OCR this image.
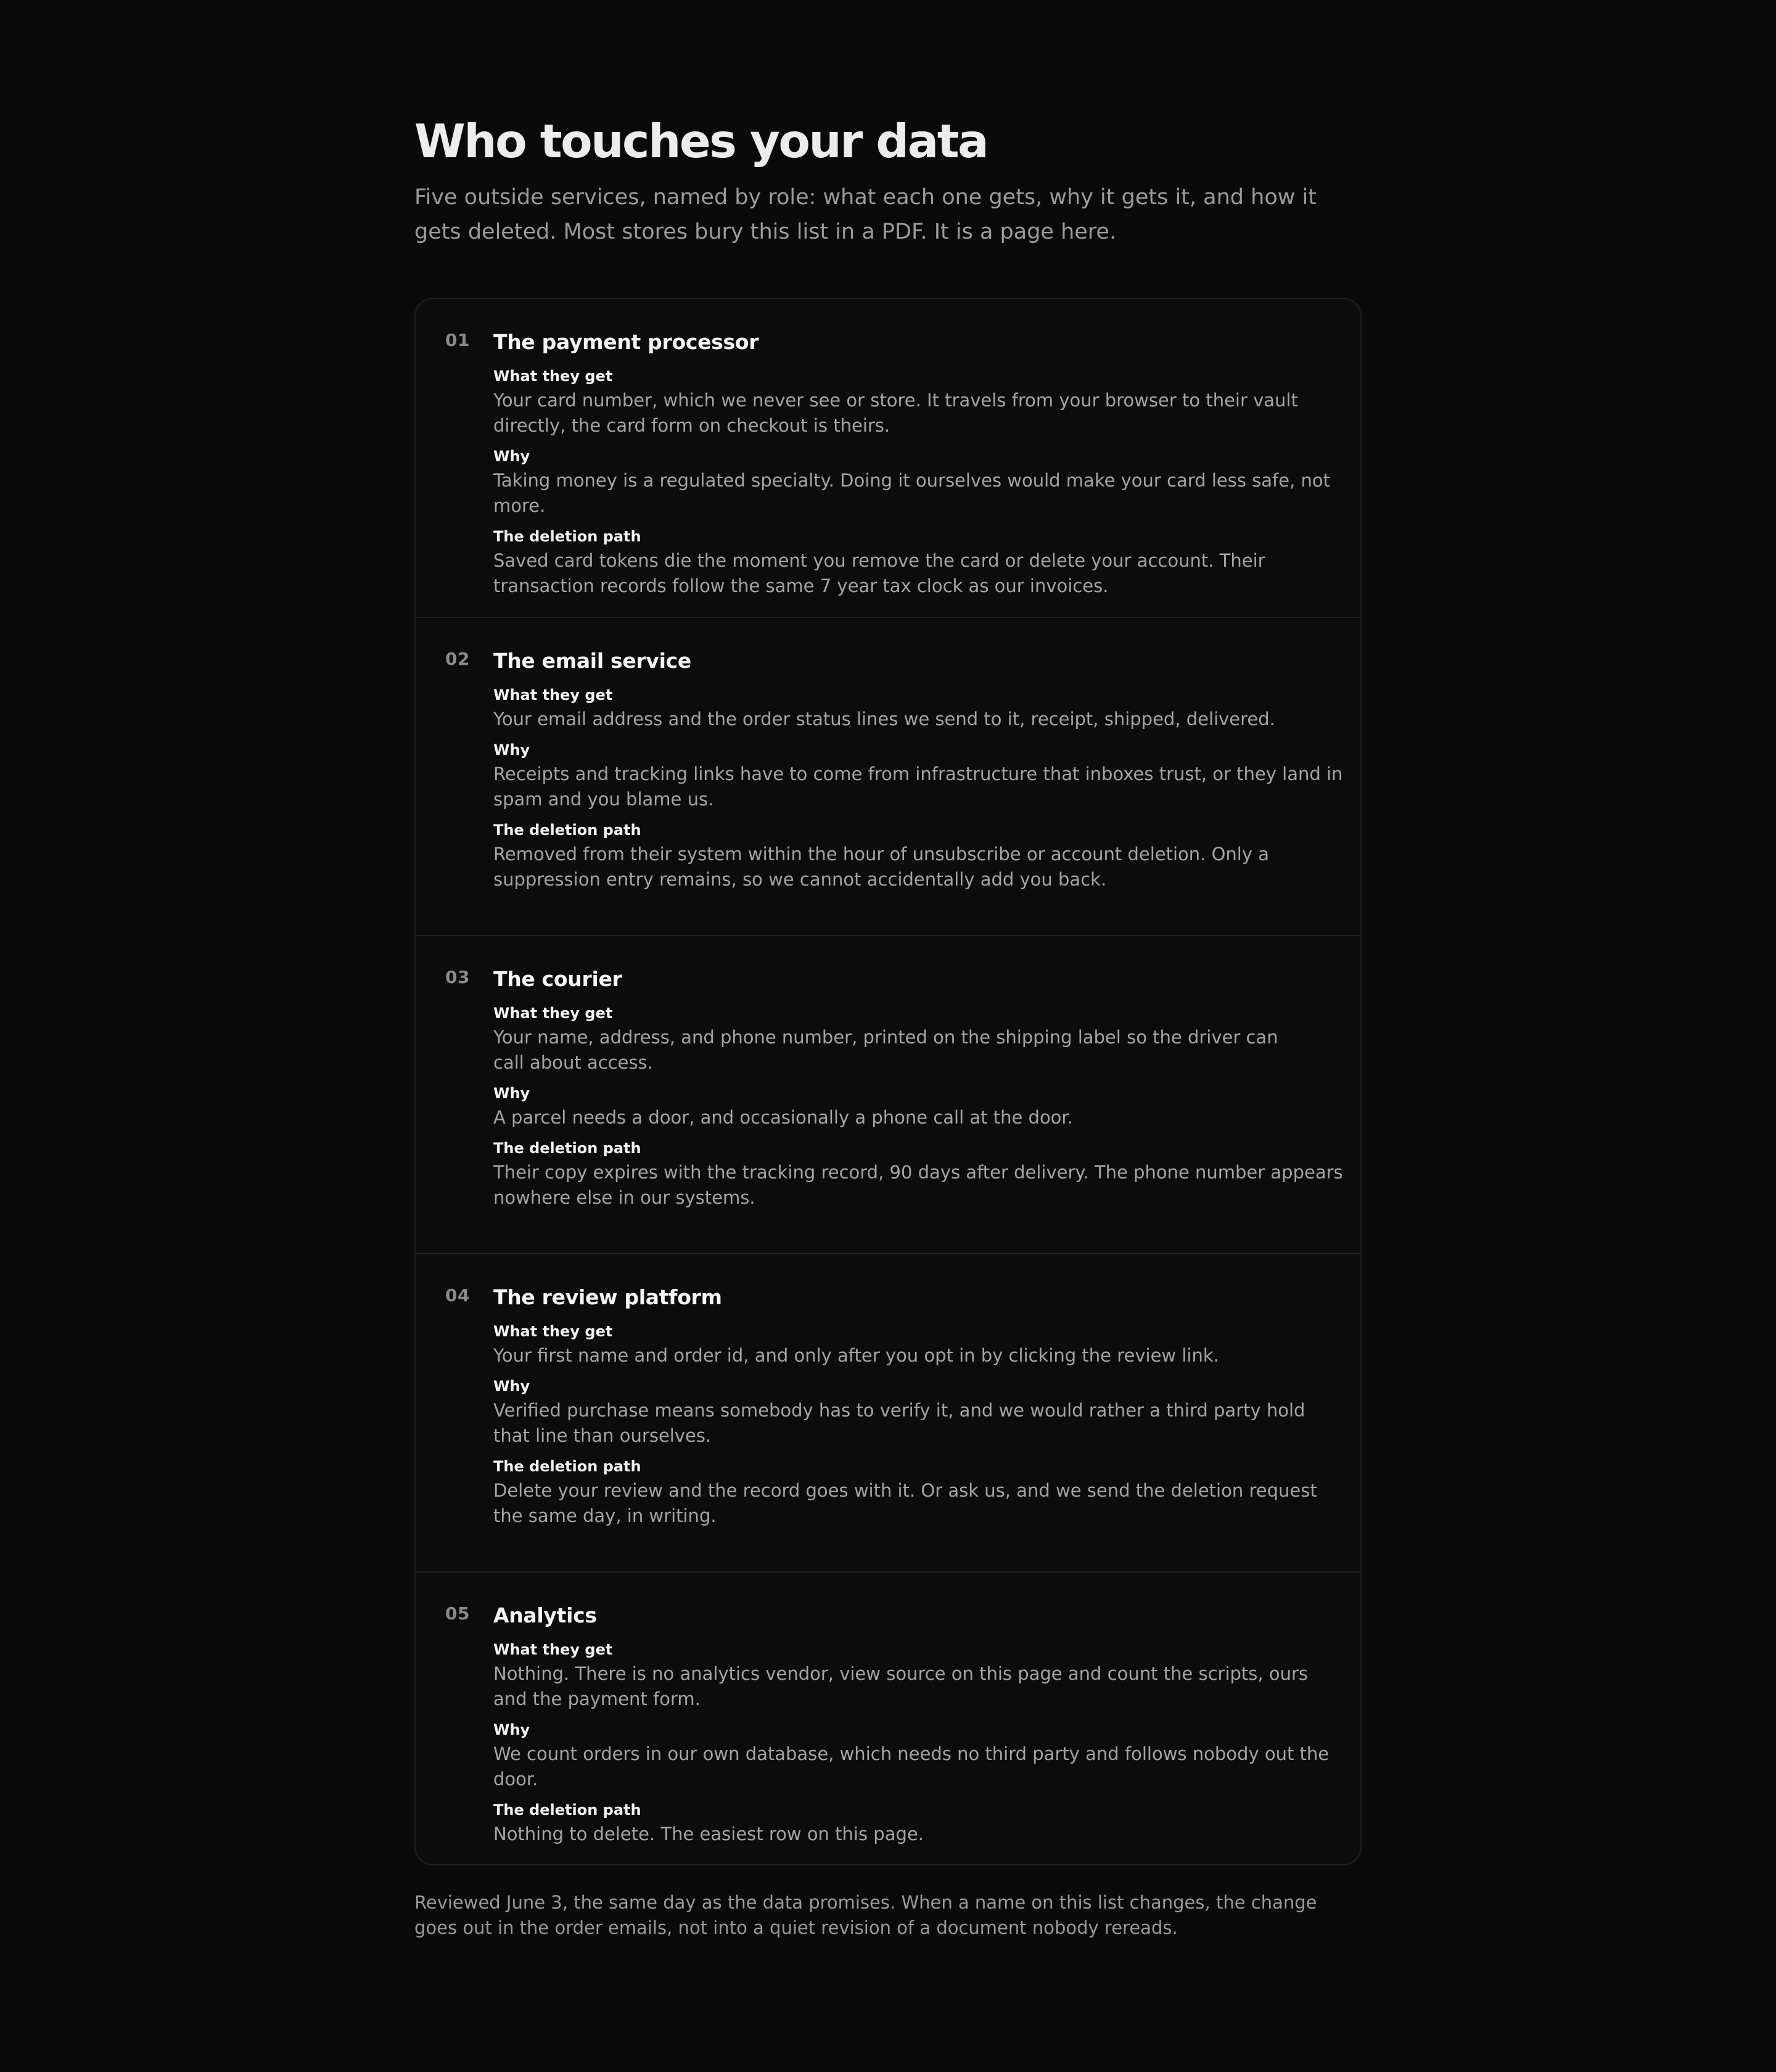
Who touches your data

Five outside services, named by role: what each one gets, why it gets it, and how it gets deleted. Most stores bury this list in a PDF. It is a page here.

01 The payment processor
What they get
Your card number, which we never see or store. It travels from your browser to their vault directly, the card form on checkout is theirs.
Why
Taking money is a regulated specialty. Doing it ourselves would make your card less safe, not more.
The deletion path
Saved card tokens die the moment you remove the card or delete your account. Their transaction records follow the same 7 year tax clock as our invoices.
02 The email service
What they get
Your email address and the order status lines we send to it, receipt, shipped, delivered.
Why
Receipts and tracking links have to come from infrastructure that inboxes trust, or they land in spam and you blame us.
The deletion path
Removed from their system within the hour of unsubscribe or account deletion. Only a suppression entry remains, so we cannot accidentally add you back.
03 The courier
What they get
Your name, address, and phone number, printed on the shipping label so the driver can call about access.
Why
A parcel needs a door, and occasionally a phone call at the door.
The deletion path
Their copy expires with the tracking record, 90 days after delivery. The phone number appears nowhere else in our systems.
04 The review platform
What they get
Your first name and order id, and only after you opt in by clicking the review link.
Why
Verified purchase means somebody has to verify it, and we would rather a third party hold that line than ourselves.
The deletion path
Delete your review and the record goes with it. Or ask us, and we send the deletion request the same day, in writing.
05 Analytics
What they get
Nothing. There is no analytics vendor, view source on this page and count the scripts, ours and the payment form.
Why
We count orders in our own database, which needs no third party and follows nobody out the door.
The deletion path
Nothing to delete. The easiest row on this page.
Reviewed June 3, the same day as the data promises. When a name on this list changes, the change goes out in the order emails, not into a quiet revision of a document nobody rereads.
